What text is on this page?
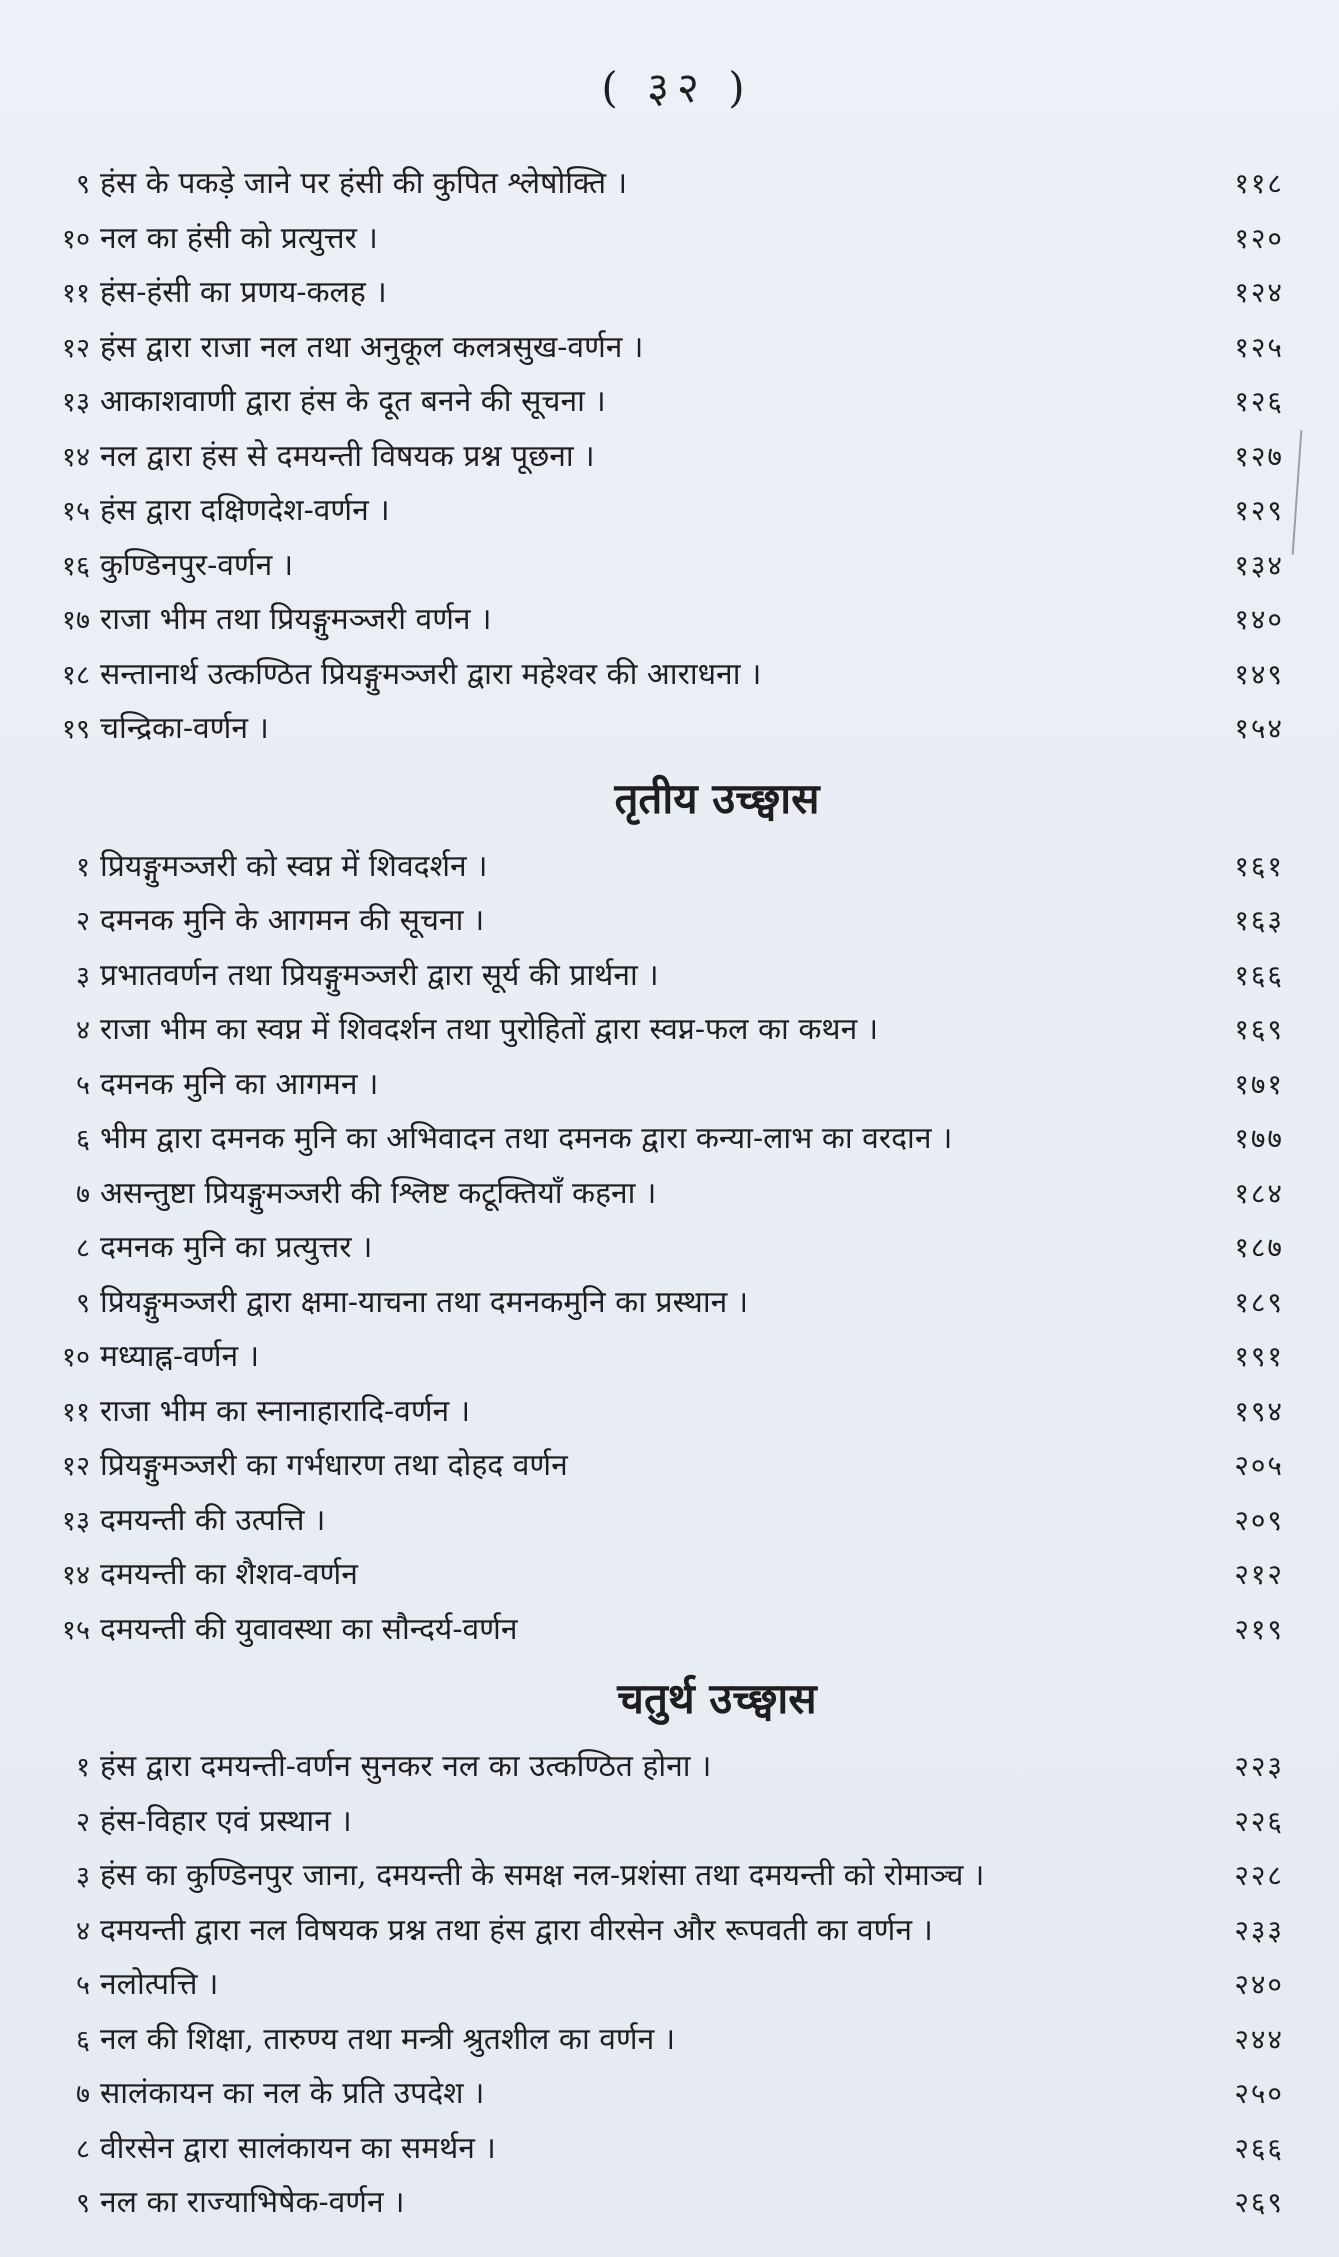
( ३२ )
९ हंस के पकड़े जाने पर हंसी की कुपित श्लेषोक्ति ।	११८
१० नल का हंसी को प्रत्युत्तर ।	१२०
११ हंस-हंसी का प्रणय-कलह ।	१२४
१२ हंस द्वारा राजा नल तथा अनुकूल कलत्रसुख-वर्णन ।	१२५
१३ आकाशवाणी द्वारा हंस के दूत बनने की सूचना ।	१२६
१४ नल द्वारा हंस से दमयन्ती विषयक प्रश्न पूछना ।	१२७
१५ हंस द्वारा दक्षिणदेश-वर्णन ।	१२९
१६ कुण्डिनपुर-वर्णन ।	१३४
१७ राजा भीम तथा प्रियङ्गुमञ्जरी वर्णन ।	१४०
१८ सन्तानार्थ उत्कण्ठित प्रियङ्गुमञ्जरी द्वारा महेश्वर की आराधना ।	१४९
१९ चन्द्रिका-वर्णन ।	१५४
तृतीय उच्छ्वास
१ प्रियङ्गुमञ्जरी को स्वप्न में शिवदर्शन ।	१६१
२ दमनक मुनि के आगमन की सूचना ।	१६३
३ प्रभातवर्णन तथा प्रियङ्गुमञ्जरी द्वारा सूर्य की प्रार्थना ।	१६६
४ राजा भीम का स्वप्न में शिवदर्शन तथा पुरोहितों द्वारा स्वप्न-फल का कथन ।	१६९
५ दमनक मुनि का आगमन ।	१७१
६ भीम द्वारा दमनक मुनि का अभिवादन तथा दमनक द्वारा कन्या-लाभ का वरदान ।	१७७
७ असन्तुष्टा प्रियङ्गुमञ्जरी की श्लिष्ट कटूक्तियाँ कहना ।	१८४
८ दमनक मुनि का प्रत्युत्तर ।	१८७
९ प्रियङ्गुमञ्जरी द्वारा क्षमा-याचना तथा दमनकमुनि का प्रस्थान ।	१८९
१० मध्याह्न-वर्णन ।	१९१
११ राजा भीम का स्नानाहारादि-वर्णन ।	१९४
१२ प्रियङ्गुमञ्जरी का गर्भधारण तथा दोहद वर्णन	२०५
१३ दमयन्ती की उत्पत्ति ।	२०९
१४ दमयन्ती का शैशव-वर्णन	२१२
१५ दमयन्ती की युवावस्था का सौन्दर्य-वर्णन	२१९
चतुर्थ उच्छ्वास
१ हंस द्वारा दमयन्ती-वर्णन सुनकर नल का उत्कण्ठित होना ।	२२३
२ हंस-विहार एवं प्रस्थान ।	२२६
३ हंस का कुण्डिनपुर जाना, दमयन्ती के समक्ष नल-प्रशंसा तथा दमयन्ती को रोमाञ्च ।	२२८
४ दमयन्ती द्वारा नल विषयक प्रश्न तथा हंस द्वारा वीरसेन और रूपवती का वर्णन ।	२३३
५ नलोत्पत्ति ।	२४०
६ नल की शिक्षा, तारुण्य तथा मन्त्री श्रुतशील का वर्णन ।	२४४
७ सालंकायन का नल के प्रति उपदेश ।	२५०
८ वीरसेन द्वारा सालंकायन का समर्थन ।	२६६
९ नल का राज्याभिषेक-वर्णन ।	२६९
